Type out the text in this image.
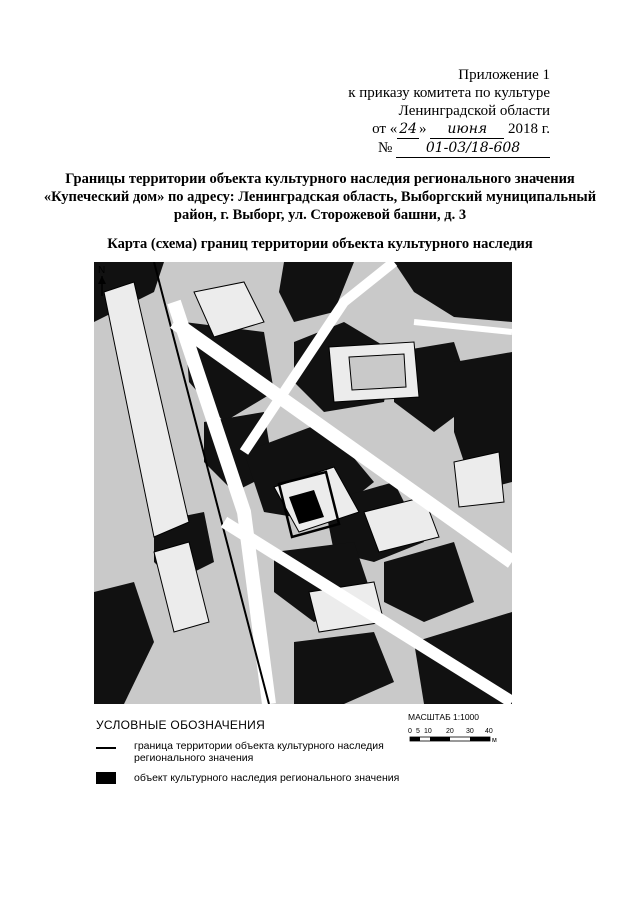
Приложение 1
к приказу комитета по культуре
Ленинградской области
от « 24 » июня 2018 г.
№ 01-03/18-608
Границы территории объекта культурного наследия регионального значения «Купеческий дом» по адресу: Ленинградская область, Выборгский муниципальный район, г. Выборг, ул. Сторожевой башни, д. 3
Карта (схема) границ территории объекта культурного наследия
N
УСЛОВНЫЕ ОБОЗНАЧЕНИЯ
граница территории объекта культурного наследия
регионального значения
объект культурного наследия регионального значения
МАСШТАБ 1:1000
0 5 10 20 30 40
м
